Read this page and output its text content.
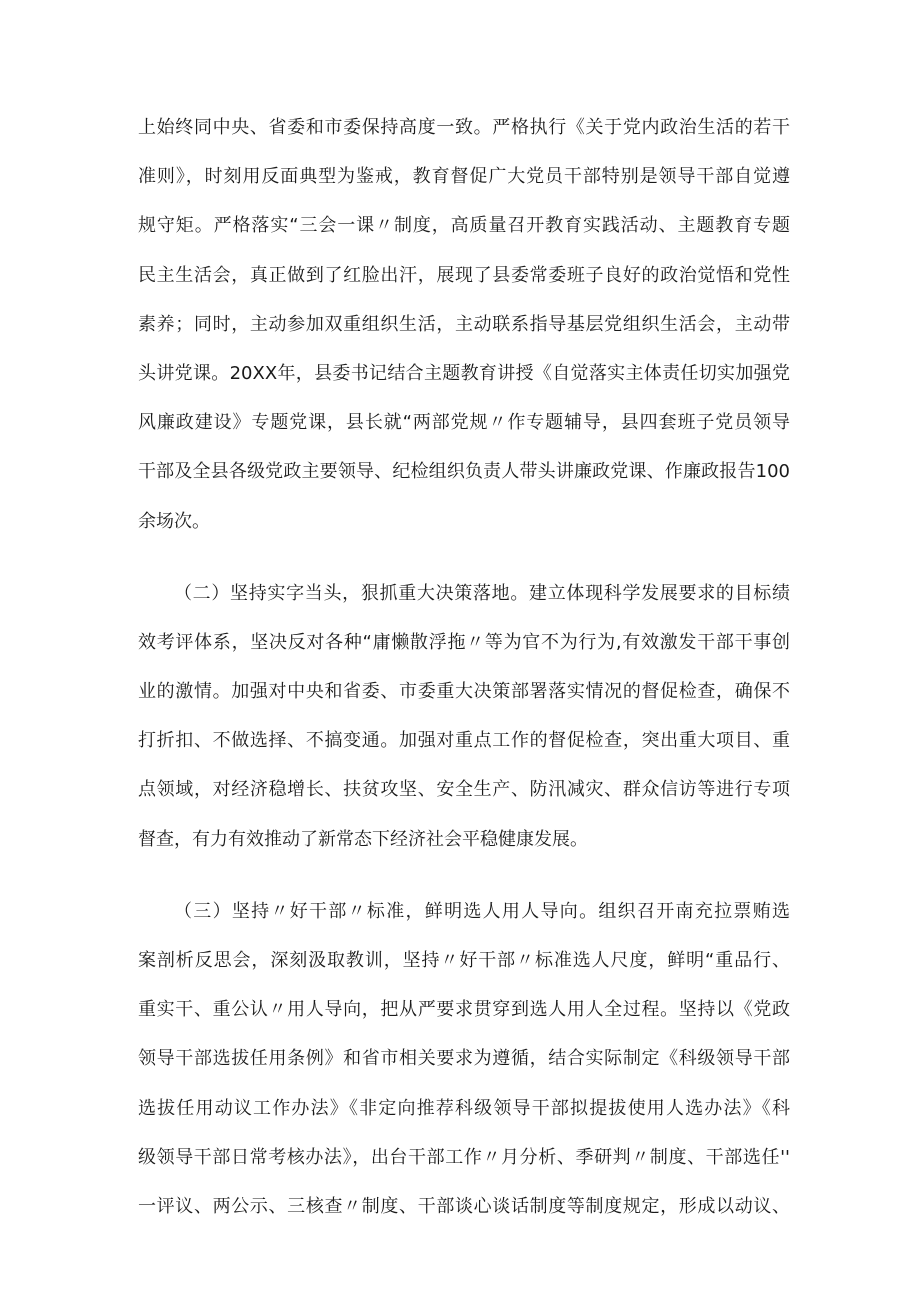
上始终同中央、省委和市委保持高度一致。严格执行《关于党内政治生活的若干
准则》，时刻用反面典型为鉴戒，教育督促广大党员干部特别是领导干部自觉遵
规守矩。严格落实“三会一课〃制度，高质量召开教育实践活动、主题教育专题
民主生活会，真正做到了红脸出汗，展现了县委常委班子良好的政治觉悟和党性
素养；同时，主动参加双重组织生活，主动联系指导基层党组织生活会，主动带
头讲党课。20XX年，县委书记结合主题教育讲授《自觉落实主体责任切实加强党
风廉政建设》专题党课，县长就“两部党规〃作专题辅导，县四套班子党员领导
干部及全县各级党政主要领导、纪检组织负责人带头讲廉政党课、作廉政报告100
余场次。
（二）坚持实字当头，狠抓重大决策落地。建立体现科学发展要求的目标绩
效考评体系，坚决反对各种“庸懒散浮拖〃等为官不为行为,有效激发干部干事创
业的激情。加强对中央和省委、市委重大决策部署落实情况的督促检查，确保不
打折扣、不做选择、不搞变通。加强对重点工作的督促检查，突出重大项目、重
点领域，对经济稳增长、扶贫攻坚、安全生产、防汛减灾、群众信访等进行专项
督查，有力有效推动了新常态下经济社会平稳健康发展。
（三）坚持〃好干部〃标准，鲜明选人用人导向。组织召开南充拉票贿选
案剖析反思会，深刻汲取教训，坚持〃好干部〃标准选人尺度，鲜明“重品行、
重实干、重公认〃用人导向，把从严要求贯穿到选人用人全过程。坚持以《党政
领导干部选拔任用条例》和省市相关要求为遵循，结合实际制定《科级领导干部
选拔任用动议工作办法》《非定向推荐科级领导干部拟提拔使用人选办法》《科
级领导干部日常考核办法》，出台干部工作〃月分析、季研判〃制度、干部选任''
一评议、两公示、三核查〃制度、干部谈心谈话制度等制度规定，形成以动议、
